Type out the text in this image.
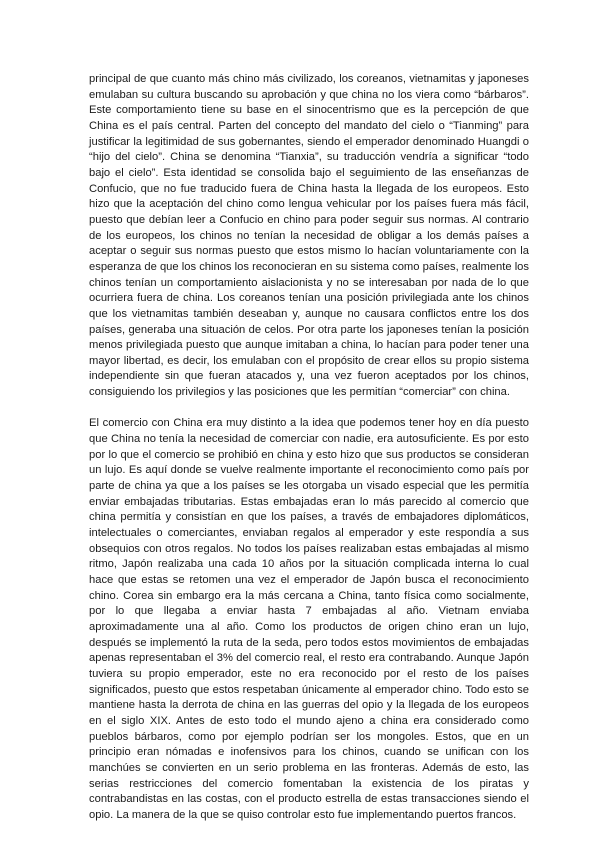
principal de que cuanto más chino más civilizado, los coreanos, vietnamitas y japoneses emulaban su cultura buscando su aprobación y que china no los viera como “bárbaros”. Este comportamiento tiene su base en el sinocentrismo que es la percepción de que China es el país central. Parten del concepto del mandato del cielo o “Tianming” para justificar la legitimidad de sus gobernantes, siendo el emperador denominado Huangdi o “hijo del cielo”. China se denomina “Tianxia”, su traducción vendría a significar “todo bajo el cielo”. Esta identidad se consolida bajo el seguimiento de las enseñanzas de Confucio, que no fue traducido fuera de China hasta la llegada de los europeos. Esto hizo que la aceptación del chino como lengua vehicular por los países fuera más fácil, puesto que debían leer a Confucio en chino para poder seguir sus normas. Al contrario de los europeos, los chinos no tenían la necesidad de obligar a los demás países a aceptar o seguir sus normas puesto que estos mismo lo hacían voluntariamente con la esperanza de que los chinos los reconocieran en su sistema como países, realmente los chinos tenían un comportamiento aislacionista y no se interesaban por nada de lo que ocurriera fuera de china. Los coreanos tenían una posición privilegiada ante los chinos que los vietnamitas también deseaban y, aunque no causara conflictos entre los dos países, generaba una situación de celos. Por otra parte los japoneses tenían la posición menos privilegiada puesto que aunque imitaban a china, lo hacían para poder tener una mayor libertad, es decir, los emulaban con el propósito de crear ellos su propio sistema independiente sin que fueran atacados y, una vez fueron aceptados por los chinos, consiguiendo los privilegios y las posiciones que les permitían “comerciar” con china.

El comercio con China era muy distinto a la idea que podemos tener hoy en día puesto que China no tenía la necesidad de comerciar con nadie, era autosuficiente. Es por esto por lo que el comercio se prohibió en china y esto hizo que sus productos se consideran un lujo. Es aquí donde se vuelve realmente importante el reconocimiento como país por parte de china ya que a los países se les otorgaba un visado especial que les permitía enviar embajadas tributarias. Estas embajadas eran lo más parecido al comercio que china permitía y consistían en que los países, a través de embajadores diplomáticos, intelectuales o comerciantes, enviaban regalos al emperador y este respondía a sus obsequios con otros regalos. No todos los países realizaban estas embajadas al mismo ritmo, Japón realizaba una cada 10 años por la situación complicada interna lo cual hace que estas se retomen una vez el emperador de Japón busca el reconocimiento chino. Corea sin embargo era la más cercana a China, tanto física como socialmente, por lo que llegaba a enviar hasta 7 embajadas al año. Vietnam enviaba aproximadamente una al año. Como los productos de origen chino eran un lujo, después se implementó la ruta de la seda, pero todos estos movimientos de embajadas apenas representaban el 3% del comercio real, el resto era contrabando. Aunque Japón tuviera su propio emperador, este no era reconocido por el resto de los países significados, puesto que estos respetaban únicamente al emperador chino. Todo esto se mantiene hasta la derrota de china en las guerras del opio y la llegada de los europeos en el siglo XIX. Antes de esto todo el mundo ajeno a china era considerado como pueblos bárbaros, como por ejemplo podrían ser los mongoles. Estos, que en un principio eran nómadas e inofensivos para los chinos, cuando se unifican con los manchúes se convierten en un serio problema en las fronteras. Además de esto, las serias restricciones del comercio fomentaban la existencia de los piratas y contrabandistas en las costas, con el producto estrella de estas transacciones siendo el opio. La manera de la que se quiso controlar esto fue implementando puertos francos.
